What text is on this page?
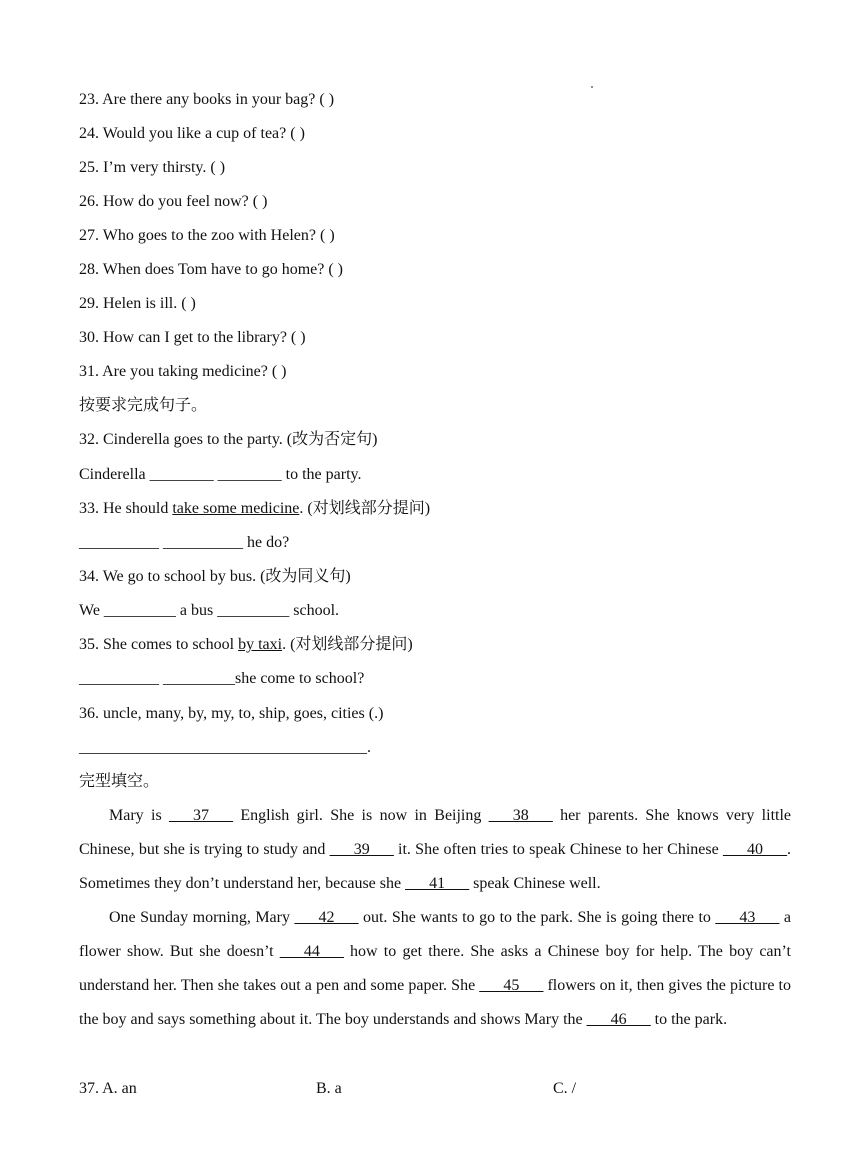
23. Are there any books in your bag? ( )
24. Would you like a cup of tea? ( )
25. I’m very thirsty. ( )
26. How do you feel now? ( )
27. Who goes to the zoo with Helen? ( )
28. When does Tom have to go home? ( )
29. Helen is ill. ( )
30. How can I get to the library? ( )
31. Are you taking medicine? ( )
按要求完成句子。
32. Cinderella goes to the party. (改为否定句)
Cinderella ________ ________ to the party.
33. He should take some medicine. (对划线部分提问)
__________ __________ he do?
34. We go to school by bus. (改为同义句)
We _________ a bus _________ school.
35. She comes to school by taxi. (对划线部分提问)
__________ _________she come to school?
36. uncle, many, by, my, to, ship, goes, cities (.)
____________________________________.
完型填空。
Mary is ___37___ English girl. She is now in Beijing ___38___ her parents. She knows very little Chinese, but she is trying to study and ___39___ it. She often tries to speak Chinese to her Chinese ___40___. Sometimes they don’t understand her, because she ___41___ speak Chinese well.
One Sunday morning, Mary ___42___ out. She wants to go to the park. She is going there to ___43___ a flower show. But she doesn’t ___44___ how to get there. She asks a Chinese boy for help. The boy can’t understand her. Then she takes out a pen and some paper. She ___45___ flowers on it, then gives the picture to the boy and says something about it. The boy understands and shows Mary the ___46___ to the park.
37. A. an	B. a	C. /
